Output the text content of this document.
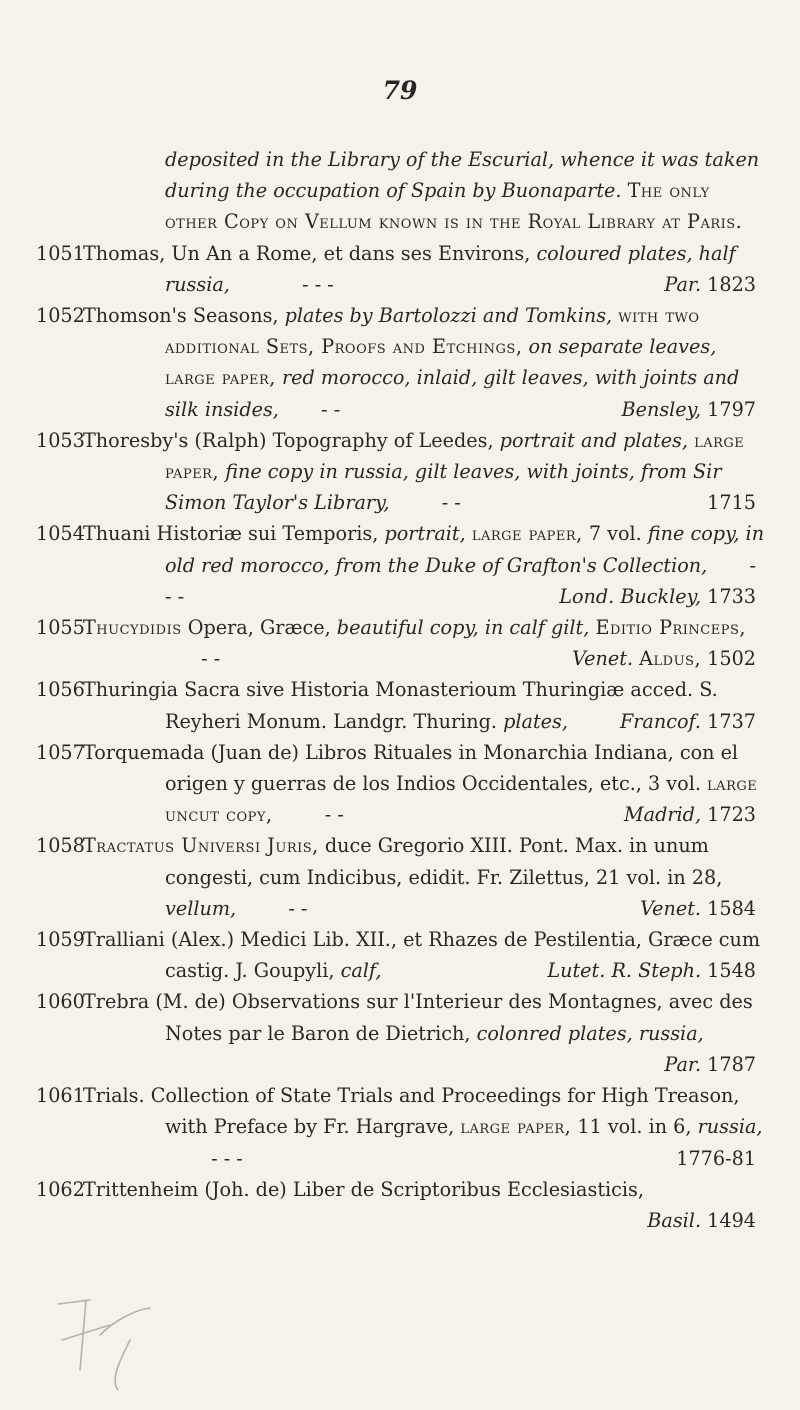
79
deposited in the Library of the Escurial, whence it was taken during the occupation of Spain by Buonaparte. The only other Copy on Vellum known is in the Royal Library at Paris.
1051
Thomas, Un An a Rome, et dans ses Environs, coloured plates, half russia,	- - -	Par. 1823
1052
Thomson's Seasons, plates by Bartolozzi and Tomkins, with two additional Sets, Proofs and Etchings, on separate leaves, large paper, red morocco, inlaid, gilt leaves, with joints and silk insides, - -	Bensley, 1797
1053
Thoresby's (Ralph) Topography of Leedes, portrait and plates, large paper, fine copy in russia, gilt leaves, with joints, from Sir Simon Taylor's Library,	- -	1715
1054
Thuani Historiæ sui Temporis, portrait, large paper, 7 vol. fine copy, in old red morocco, from the Duke of Grafton's Collection, - - -	Lond. Buckley, 1733
1055
Thucydidis Opera, Græce, beautiful copy, in calf gilt, Editio Princeps,  - -	Venet. Aldus, 1502
1056
Thuringia Sacra sive Historia Monasterioum Thuringiæ acced. S. Reyheri Monum. Landgr. Thuring. plates,	Francof. 1737
1057
Torquemada (Juan de) Libros Rituales in Monarchia Indiana, con el origen y guerras de los Indios Occidentales, etc., 3 vol. large uncut copy,	- -	Madrid, 1723
1058
Tractatus Universi Juris, duce Gregorio XIII. Pont. Max. in unum congesti, cum Indicibus, edidit. Fr. Zilettus, 21 vol. in 28, vellum,	- -	Venet. 1584
1059
Tralliani (Alex.) Medici Lib. XII., et Rhazes de Pestilentia, Græce cum castig. J. Goupyli, calf,	Lutet. R. Steph. 1548
1060
Trebra (M. de) Observations sur l'Interieur des Montagnes, avec des Notes par le Baron de Dietrich, colonred plates, russia,
Par. 1787
1061
Trials. Collection of State Trials and Proceedings for High Treason, with Preface by Fr. Hargrave, large paper, 11 vol. in 6, russia,  - - -	1776-81
1062
Trittenheim (Joh. de) Liber de Scriptoribus Ecclesiasticis,
Basil. 1494
